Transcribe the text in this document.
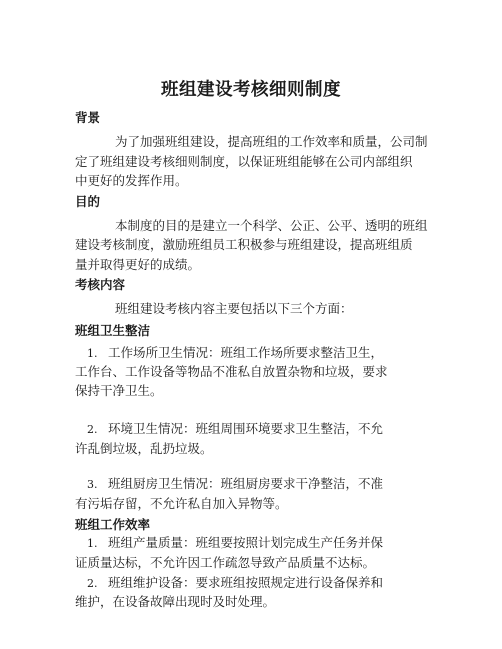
班组建设考核细则制度
背景
为了加强班组建设，提高班组的工作效率和质量，公司制
定了班组建设考核细则制度，以保证班组能够在公司内部组织
中更好的发挥作用。
目的
本制度的目的是建立一个科学、公正、公平、透明的班组
建设考核制度，激励班组员工积极参与班组建设，提高班组质
量并取得更好的成绩。
考核内容
班组建设考核内容主要包括以下三个方面：
班组卫生整洁
1. 工作场所卫生情况：班组工作场所要求整洁卫生，
工作台、工作设备等物品不准私自放置杂物和垃圾，要求
保持干净卫生。
2. 环境卫生情况：班组周围环境要求卫生整洁，不允
许乱倒垃圾，乱扔垃圾。
3. 班组厨房卫生情况：班组厨房要求干净整洁，不准
有污垢存留，不允许私自加入异物等。
班组工作效率
1. 班组产量质量：班组要按照计划完成生产任务并保
证质量达标，不允许因工作疏忽导致产品质量不达标。
2. 班组维护设备：要求班组按照规定进行设备保养和
维护，在设备故障出现时及时处理。
